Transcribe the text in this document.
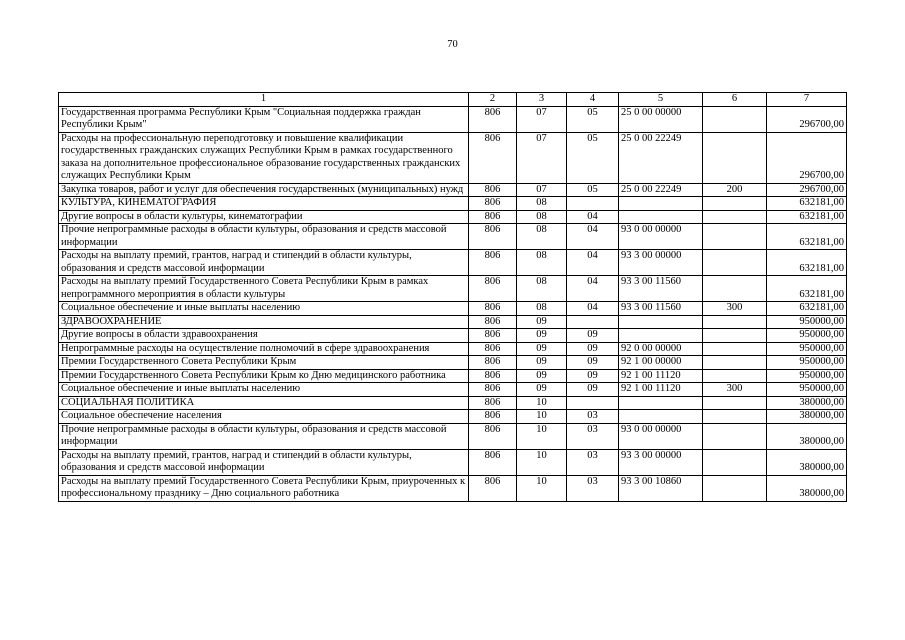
70
1	2	3	4	5	6	7
Государственная программа Республики Крым "Социальная поддержка граждан Республики Крым"	806	07	05	25 0 00 00000		296700,00
Расходы на профессиональную переподготовку и повышение квалификации государственных гражданских служащих Республики Крым в рамках государственного заказа на дополнительное профессиональное образование государственных гражданских служащих Республики Крым	806	07	05	25 0 00 22249		296700,00
Закупка товаров, работ и услуг для обеспечения государственных (муниципальных) нужд	806	07	05	25 0 00 22249	200	296700,00
КУЛЬТУРА, КИНЕМАТОГРАФИЯ	806	08				632181,00
Другие вопросы в области культуры, кинематографии	806	08	04			632181,00
Прочие непрограммные расходы в области культуры, образования и средств массовой информации	806	08	04	93 0 00 00000		632181,00
Расходы на выплату премий, грантов, наград и стипендий в области культуры, образования и средств массовой информации	806	08	04	93 3 00 00000		632181,00
Расходы на выплату премий Государственного Совета Республики Крым в рамках непрограммного мероприятия в области культуры	806	08	04	93 3 00 11560		632181,00
Социальное обеспечение и иные выплаты населению	806	08	04	93 3 00 11560	300	632181,00
ЗДРАВООХРАНЕНИЕ	806	09				950000,00
Другие вопросы в области здравоохранения	806	09	09			950000,00
Непрограммные расходы на осуществление полномочий в сфере здравоохранения	806	09	09	92 0 00 00000		950000,00
Премии Государственного Совета Республики Крым	806	09	09	92 1 00 00000		950000,00
Премии Государственного Совета Республики Крым ко Дню медицинского работника	806	09	09	92 1 00 11120		950000,00
Социальное обеспечение и иные выплаты населению	806	09	09	92 1 00 11120	300	950000,00
СОЦИАЛЬНАЯ ПОЛИТИКА	806	10				380000,00
Социальное обеспечение населения	806	10	03			380000,00
Прочие непрограммные расходы в области культуры, образования и средств массовой информации	806	10	03	93 0 00 00000		380000,00
Расходы на выплату премий, грантов, наград и стипендий в области культуры, образования и средств массовой информации	806	10	03	93 3 00 00000		380000,00
Расходы на выплату премий Государственного Совета Республики Крым, приуроченных к профессиональному празднику – Дню социального работника	806	10	03	93 3 00 10860		380000,00
